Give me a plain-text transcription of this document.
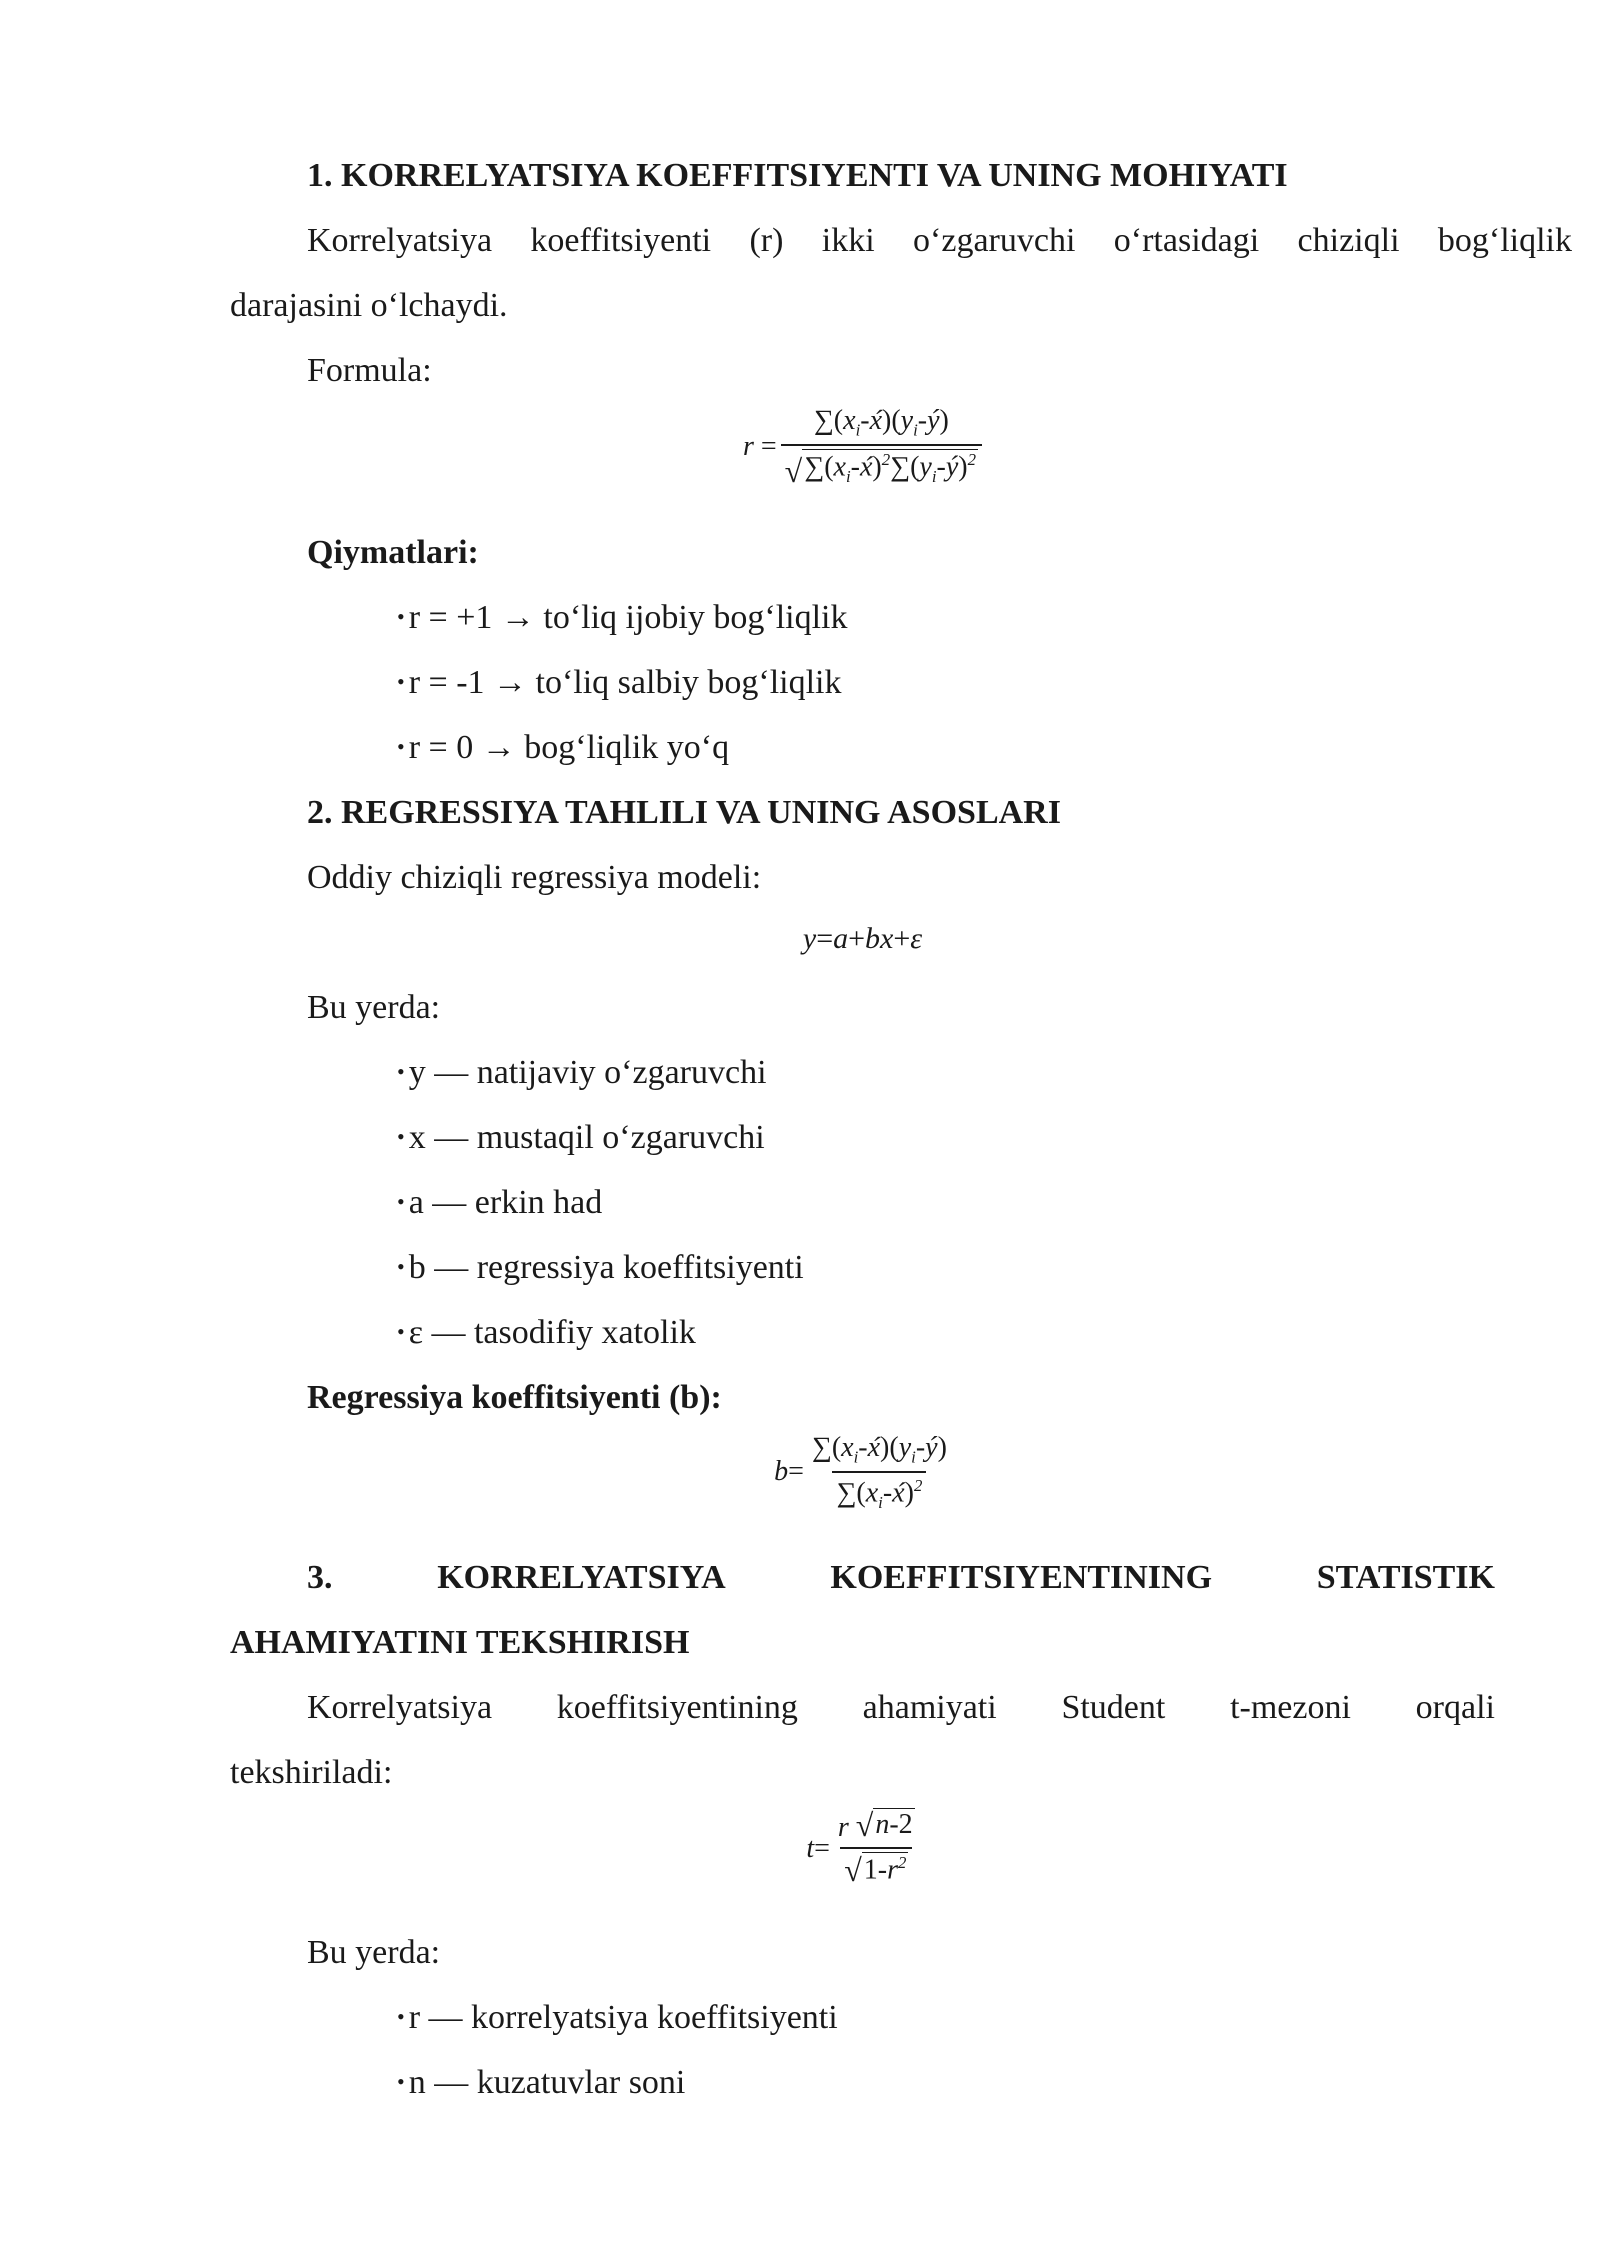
1. KORRELYATSIYA KOEFFITSIYENTI VA UNING MOHIYATI
Korrelyatsiya koeffitsiyenti (r) ikki o‘zgaruvchi o‘rtasidagi chiziqli bog‘liqlik
darajasini o‘lchaydi.
Formula:
$r = \frac{\sum(x_i-x́)(y_i-ý)}{√ \sum(x_i-x́)^2\sum(y_i-ý)^2}$
Qiymatlari:
• r = +1 → to‘liq ijobiy bog‘liqlik
• r = -1 → to‘liq salbiy bog‘liqlik
• r = 0 → bog‘liqlik yo‘q
2. REGRESSIYA TAHLILI VA UNING ASOSLARI
Oddiy chiziqli regressiya modeli:
y = a + bx + ε
Bu yerda:
• y — natijaviy o‘zgaruvchi
• x — mustaqil o‘zgaruvchi
• a — erkin had
• b — regressiya koeffitsiyenti
• ε — tasodifiy xatolik
Regressiya koeffitsiyenti (b):
$b = \frac{\sum(x_i-x́)(y_i-ý)}{\sum(x_i-x́)^2}$
3.	KORRELYATSIYA	KOEFFITSIYENTINING	STATISTIK
AHAMIYATINI TEKSHIRISH
Korrelyatsiya koeffitsiyentining ahamiyati Student t-mezoni orqali
tekshiriladi:
$t = \frac{r √ n-2}{√ 1-r^2}$
Bu yerda:
• r — korrelyatsiya koeffitsiyenti
• n — kuzatuvlar soni
